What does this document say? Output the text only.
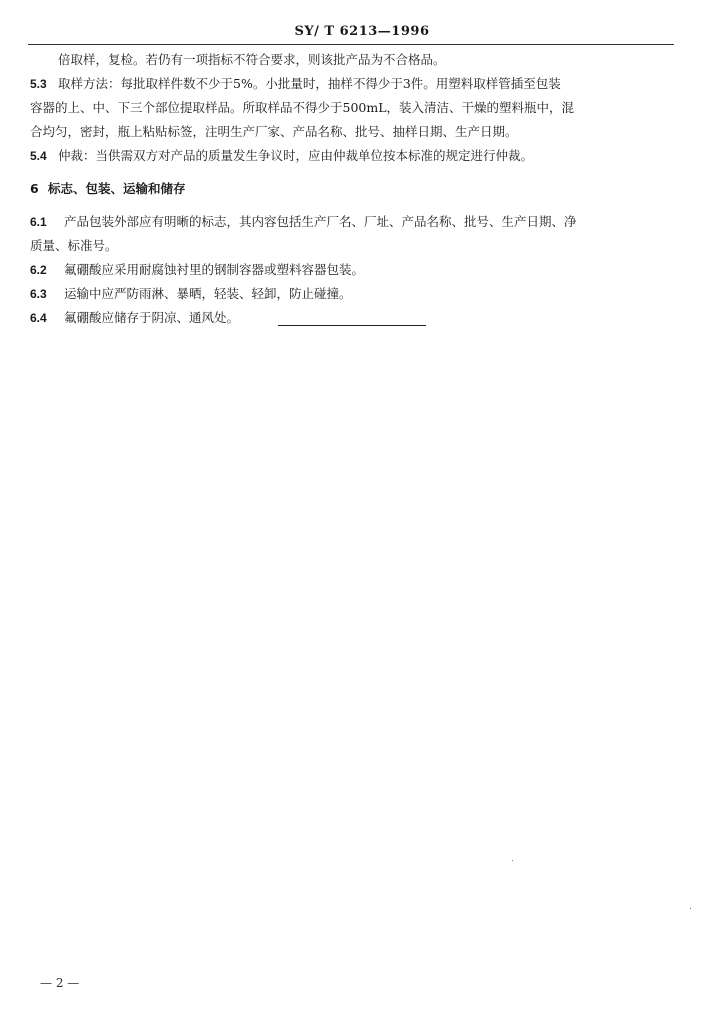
SY/ T 6213—1996

倍取样，复检。若仍有一项指标不符合要求，则该批产品为不合格品。

5.3 取样方法：每批取样件数不少于5%。小批量时，抽样不得少于3件。用塑料取样管插至包装

容器的上、中、下三个部位提取样品。所取样品不得少于500mL，装入清洁、干燥的塑料瓶中，混

合均匀，密封，瓶上粘贴标签，注明生产厂家、产品名称、批号、抽样日期、生产日期。

5.4 仲裁：当供需双方对产品的质量发生争议时，应由仲裁单位按本标准的规定进行仲裁。

6 标志、包装、运输和储存

6.1 产品包装外部应有明晰的标志，其内容包括生产厂名、厂址、产品名称、批号、生产日期、净

质量、标准号。

6.2 氟硼酸应采用耐腐蚀衬里的钢制容器或塑料容器包装。

6.3 运输中应严防雨淋、暴晒，轻装、轻卸，防止碰撞。

6.4 氟硼酸应储存于阴凉、通风处。

— 2 —
